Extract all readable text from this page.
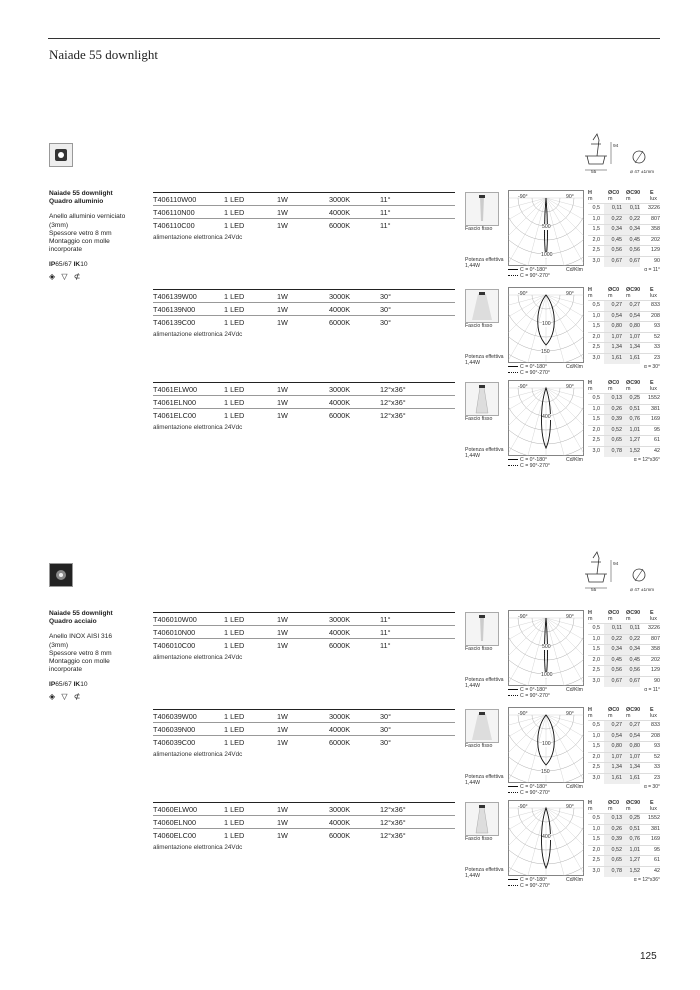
Naiade 55 downlight
55
94
⌀ 47 ±1mm
55
94
⌀ 47 ±1mm
Naiade 55 downlight
Quadro alluminio
Anello alluminio verniciato
(3mm)
Spessore vetro 8 mm
Montaggio con molle
incorporate
IP65/67 IK10
◈ ▽ ⊄
T406110W00	1 LED	1W	3000K	11°
T406110N00	1 LED	1W	4000K	11°
T406110C00	1 LED	1W	6000K	11°
alimentazione elettronica 24Vdc
Fascio fisso
Potenza effettiva
1,44W
-90°	90°
500
1000
C = 0°-180°	Cd/Klm
C = 90°-270°
H
m
ØC0
m
ØC90
m
E
lux
0,5	0,11	0,11	3226
1,0	0,22	0,22	807
1,5	0,34	0,34	358
2,0	0,45	0,45	202
2,5	0,56	0,56	129
3,0	0,67	0,67	90
α = 11°
T406139W00	1 LED	1W	3000K	30°
T406139N00	1 LED	1W	4000K	30°
T406139C00	1 LED	1W	6000K	30°
alimentazione elettronica 24Vdc
Fascio fisso
Potenza effettiva
1,44W
-90°	90°
100
150
C = 0°-180°	Cd/Klm
C = 90°-270°
H
m
ØC0
m
ØC90
m
E
lux
0,5	0,27	0,27	833
1,0	0,54	0,54	208
1,5	0,80	0,80	93
2,0	1,07	1,07	52
2,5	1,34	1,34	33
3,0	1,61	1,61	23
α = 30°
T4061ELW00	1 LED	1W	3000K	12°x36°
T4061ELN00	1 LED	1W	4000K	12°x36°
T4061ELC00	1 LED	1W	6000K	12°x36°
alimentazione elettronica 24Vdc
Fascio fisso
Potenza effettiva
1,44W
-90°	90°
400
C = 0°-180°	Cd/Klm
C = 90°-270°
H
m
ØC0
m
ØC90
m
E
lux
0,5	0,13	0,25	1552
1,0	0,26	0,51	381
1,5	0,39	0,76	169
2,0	0,52	1,01	95
2,5	0,65	1,27	61
3,0	0,78	1,52	42
α = 12°x36°
Naiade 55 downlight
Quadro acciaio
Anello INOX AISI 316
(3mm)
Spessore vetro 8 mm
Montaggio con molle
incorporate
IP65/67 IK10
◈ ▽ ⊄
T406010W00	1 LED	1W	3000K	11°
T406010N00	1 LED	1W	4000K	11°
T406010C00	1 LED	1W	6000K	11°
alimentazione elettronica 24Vdc
Fascio fisso
Potenza effettiva
1,44W
-90°	90°
500
1000
C = 0°-180°	Cd/Klm
C = 90°-270°
H
m
ØC0
m
ØC90
m
E
lux
0,5	0,11	0,11	3226
1,0	0,22	0,22	807
1,5	0,34	0,34	358
2,0	0,45	0,45	202
2,5	0,56	0,56	129
3,0	0,67	0,67	90
α = 11°
T406039W00	1 LED	1W	3000K	30°
T406039N00	1 LED	1W	4000K	30°
T406039C00	1 LED	1W	6000K	30°
alimentazione elettronica 24Vdc
Fascio fisso
Potenza effettiva
1,44W
-90°	90°
100
150
C = 0°-180°	Cd/Klm
C = 90°-270°
H
m
ØC0
m
ØC90
m
E
lux
0,5	0,27	0,27	833
1,0	0,54	0,54	208
1,5	0,80	0,80	93
2,0	1,07	1,07	52
2,5	1,34	1,34	33
3,0	1,61	1,61	23
α = 30°
T4060ELW00	1 LED	1W	3000K	12°x36°
T4060ELN00	1 LED	1W	4000K	12°x36°
T4060ELC00	1 LED	1W	6000K	12°x36°
alimentazione elettronica 24Vdc
Fascio fisso
Potenza effettiva
1,44W
-90°	90°
400
C = 0°-180°	Cd/Klm
C = 90°-270°
H
m
ØC0
m
ØC90
m
E
lux
0,5	0,13	0,25	1552
1,0	0,26	0,51	381
1,5	0,39	0,76	169
2,0	0,52	1,01	95
2,5	0,65	1,27	61
3,0	0,78	1,52	42
α = 12°x36°
125
